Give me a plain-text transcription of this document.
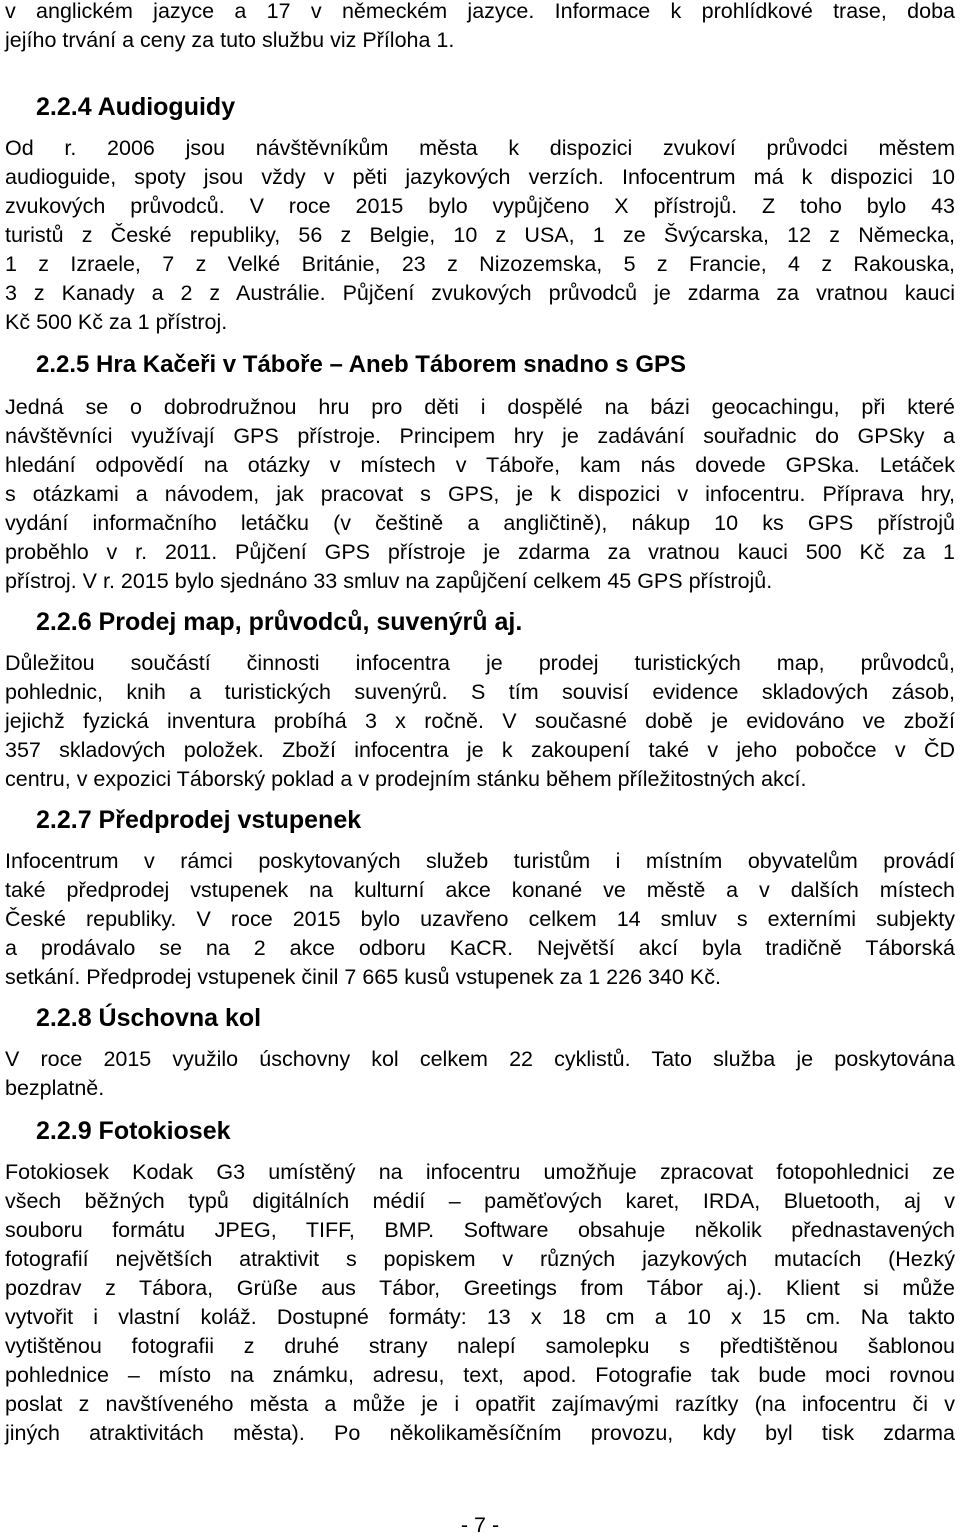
v anglickém jazyce a 17 v německém jazyce. Informace k prohlídkové trase, doba
jejího trvání a ceny za tuto službu viz Příloha 1.

2.2.4 Audioguidy

Od r. 2006 jsou návštěvníkům města k dispozici zvukoví průvodci městem
audioguide, spoty jsou vždy v pěti jazykových verzích. Infocentrum má k dispozici 10
zvukových průvodců. V roce 2015 bylo vypůjčeno X přístrojů. Z toho bylo 43
turistů z České republiky, 56 z Belgie, 10 z USA, 1 ze Švýcarska, 12 z Německa,
1 z Izraele, 7 z Velké Británie, 23 z Nizozemska, 5 z Francie, 4 z Rakouska,
3 z Kanady a 2 z Austrálie. Půjčení zvukových průvodců je zdarma za vratnou kauci
Kč 500 Kč za 1 přístroj.

2.2.5 Hra Kačeři v Táboře – Aneb Táborem snadno s GPS

Jedná se o dobrodružnou hru pro děti i dospělé na bázi geocachingu, při které
návštěvníci využívají GPS přístroje. Principem hry je zadávání souřadnic do GPSky a
hledání odpovědí na otázky v místech v Táboře, kam nás dovede GPSka. Letáček
s otázkami a návodem, jak pracovat s GPS, je k dispozici v infocentru. Příprava hry,
vydání informačního letáčku (v češtině a angličtině), nákup 10 ks GPS přístrojů
proběhlo v r. 2011. Půjčení GPS přístroje je zdarma za vratnou kauci 500 Kč za 1
přístroj. V r. 2015 bylo sjednáno 33 smluv na zapůjčení celkem 45 GPS přístrojů.

2.2.6 Prodej map, průvodců, suvenýrů aj.

Důležitou součástí činnosti infocentra je prodej turistických map, průvodců,
pohlednic, knih a turistických suvenýrů. S tím souvisí evidence skladových zásob,
jejichž fyzická inventura probíhá 3 x ročně. V současné době je evidováno ve zboží
357 skladových položek. Zboží infocentra je k zakoupení také v jeho pobočce v ČD
centru, v expozici Táborský poklad a v prodejním stánku během příležitostných akcí.

2.2.7 Předprodej vstupenek

Infocentrum v rámci poskytovaných služeb turistům i místním obyvatelům provádí
také předprodej vstupenek na kulturní akce konané ve městě a v dalších místech
České republiky. V roce 2015 bylo uzavřeno celkem 14 smluv s externími subjekty
a prodávalo se na 2 akce odboru KaCR. Největší akcí byla tradičně Táborská
setkání. Předprodej vstupenek činil 7 665 kusů vstupenek za 1 226 340 Kč.

2.2.8 Úschovna kol

V roce 2015 využilo úschovny kol celkem 22 cyklistů. Tato služba je poskytována
bezplatně.

2.2.9 Fotokiosek

Fotokiosek Kodak G3 umístěný na infocentru umožňuje zpracovat fotopohlednici ze
všech běžných typů digitálních médií – paměťových karet, IRDA, Bluetooth, aj v
souboru formátu JPEG, TIFF, BMP. Software obsahuje několik přednastavených
fotografií největších atraktivit s popiskem v různých jazykových mutacích (Hezký
pozdrav z Tábora, Grüße aus Tábor, Greetings from Tábor aj.). Klient si může
vytvořit i vlastní koláž. Dostupné formáty: 13 x 18 cm a 10 x 15 cm. Na takto
vytištěnou fotografii z druhé strany nalepí samolepku s předtištěnou šablonou
pohlednice – místo na známku, adresu, text, apod. Fotografie tak bude moci rovnou
poslat z navštíveného města a může je i opatřit zajímavými razítky (na infocentru či v
jiných atraktivitách města). Po několikaměsíčním provozu, kdy byl tisk zdarma

- 7 -
